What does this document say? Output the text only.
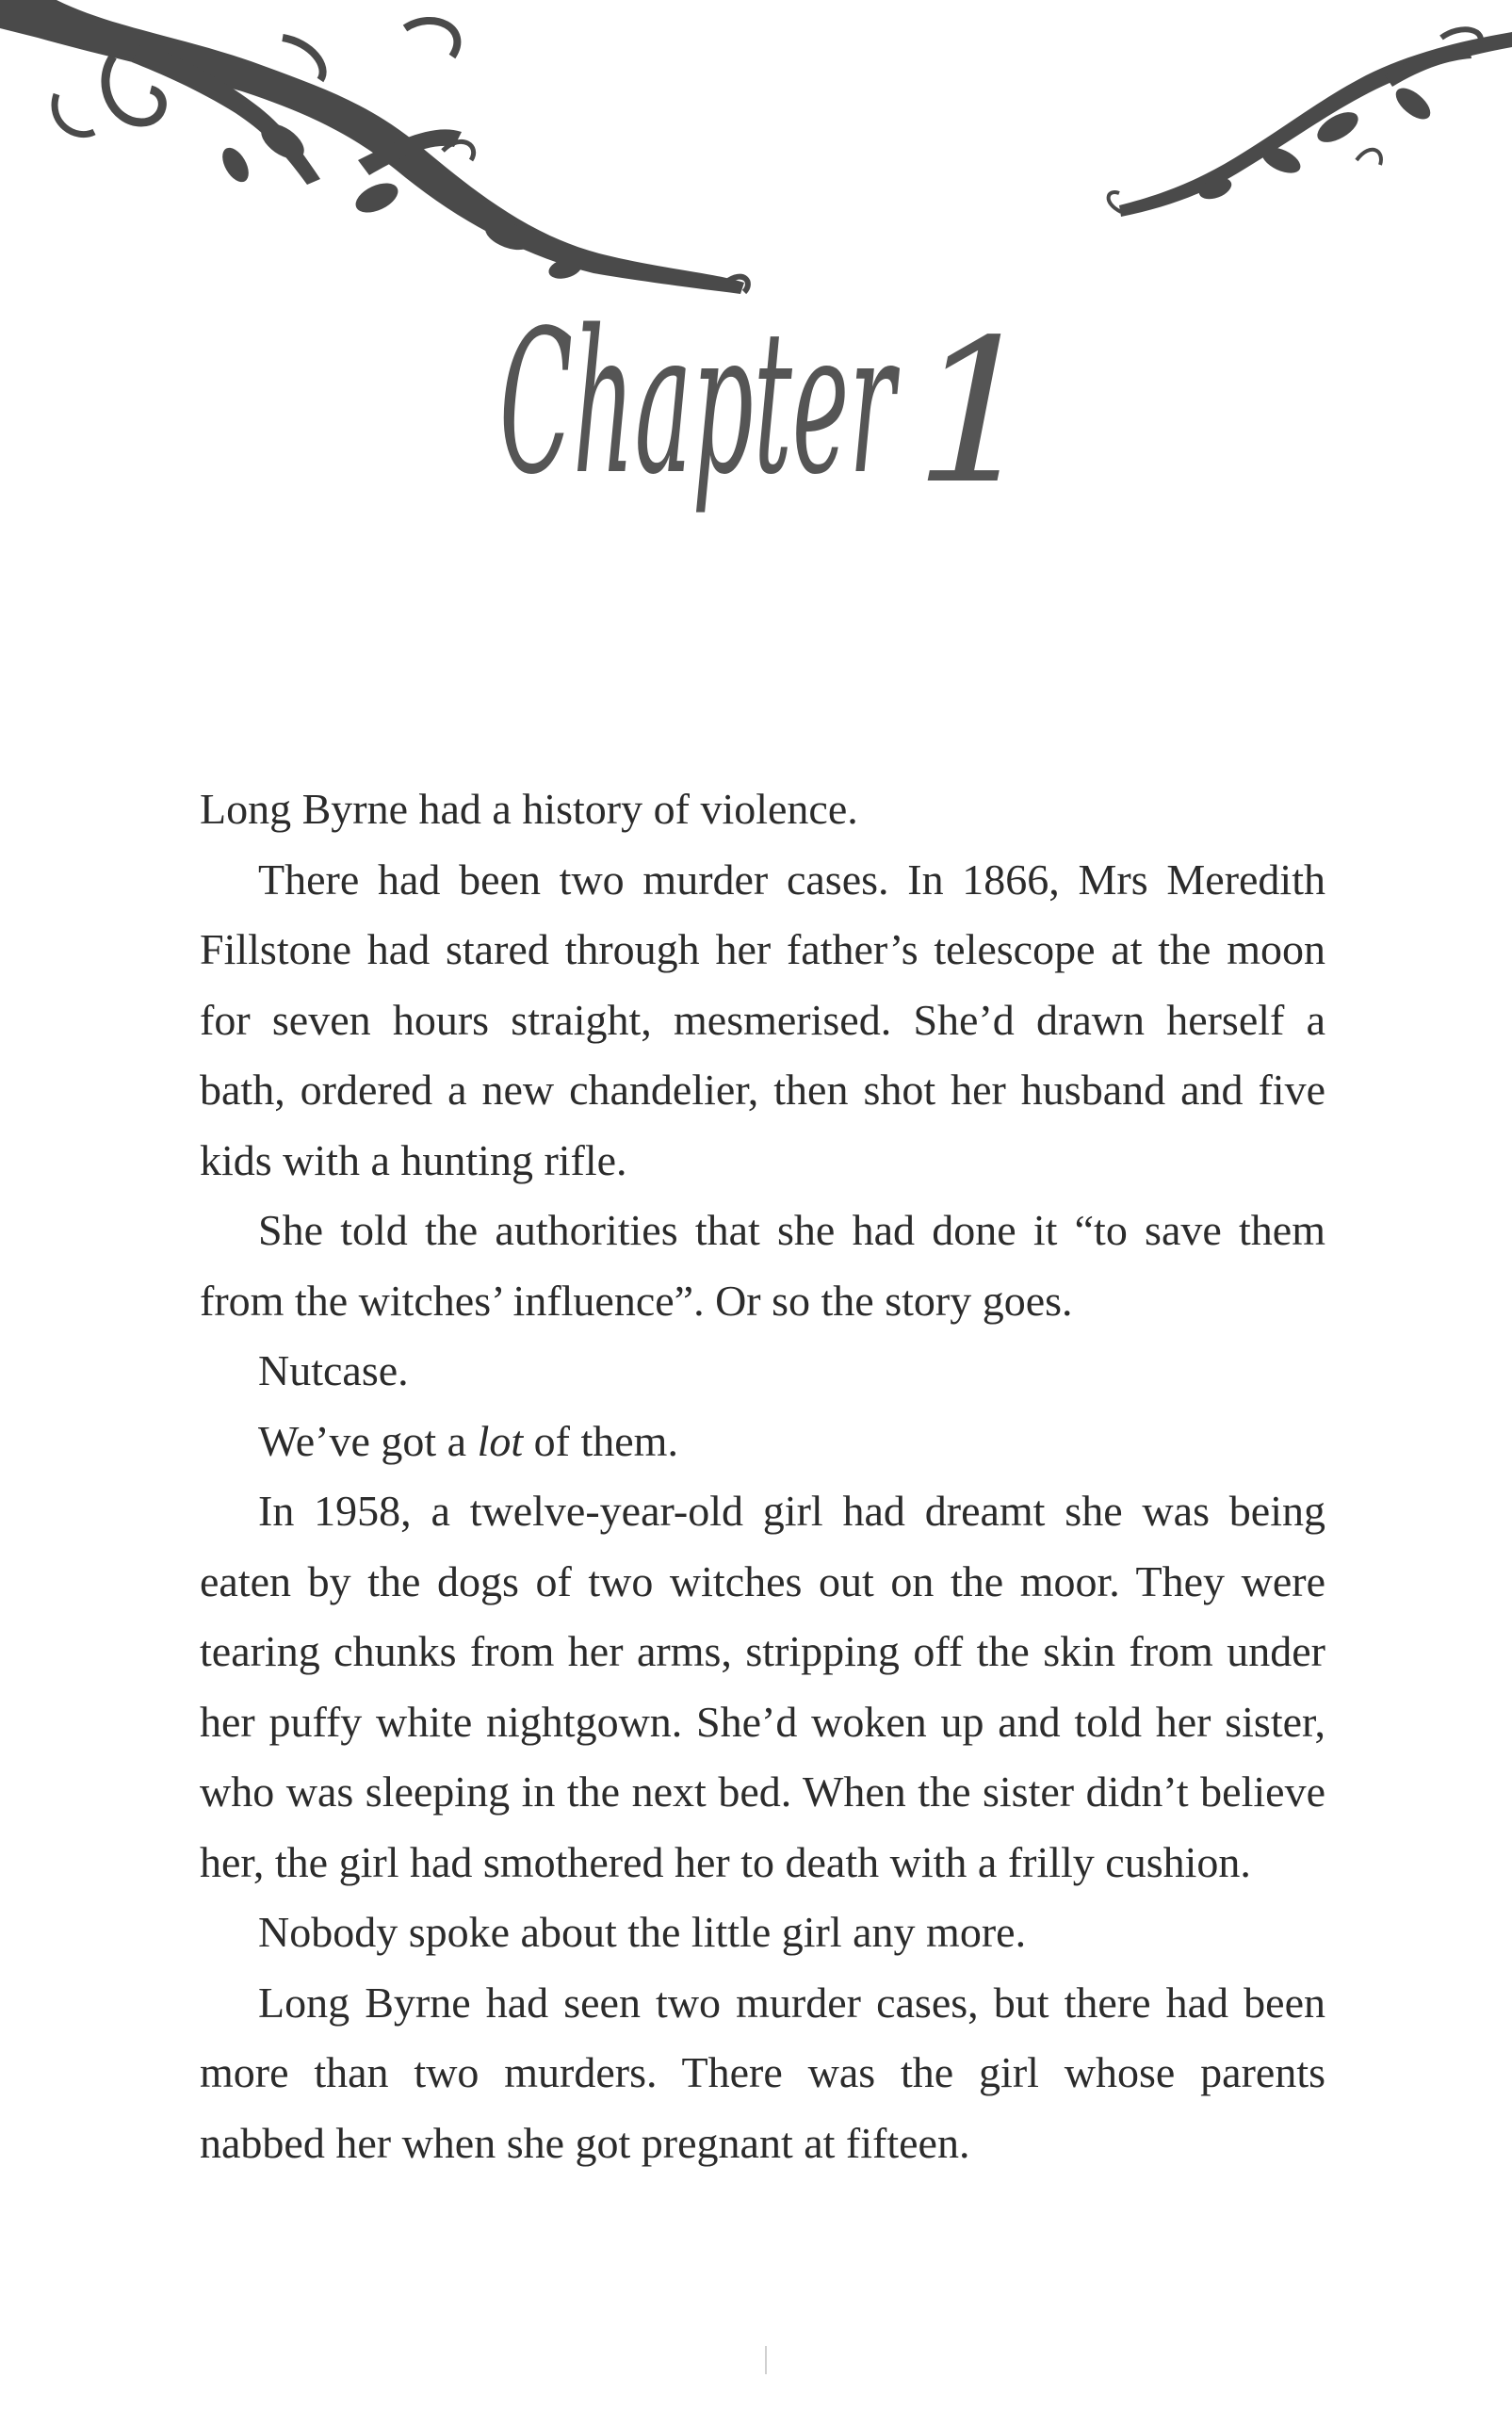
Chapter

Long Byrne had a history of violence.

There had been two murder cases. In 1866, Mrs Meredith Fillstone had stared through her father’s telescope at the moon for seven hours straight, mesmerised. She’d drawn herself a bath, ordered a new chandelier, then shot her husband and five kids with a hunting rifle.

She told the authorities that she had done it “to save them from the witches’ influence”. Or so the story goes.

Nutcase.

We’ve got a lot of them.

In 1958, a twelve-year-old girl had dreamt she was being eaten by the dogs of two witches out on the moor. They were tearing chunks from her arms, stripping off the skin from under her puffy white nightgown. She’d woken up and told her sister, who was sleeping in the next bed. When the sister didn’t believe her, the girl had smothered her to death with a frilly cushion.

Nobody spoke about the little girl any more.

Long Byrne had seen two murder cases, but there had been more than two murders. There was the girl whose parents nabbed her when she got pregnant at fifteen.
